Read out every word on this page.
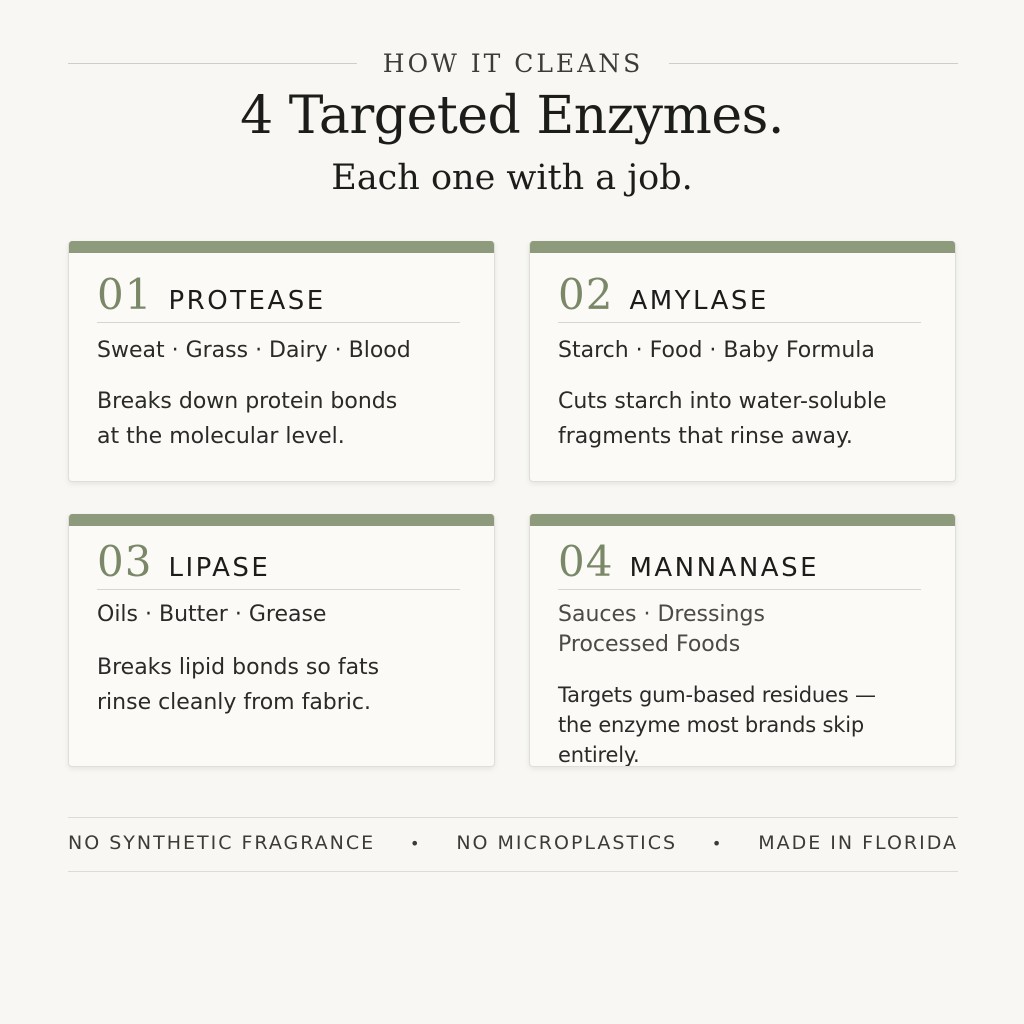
HOW IT CLEANS
4 Targeted Enzymes.
Each one with a job.
01 PROTEASE
Sweat · Grass · Dairy · Blood
Breaks down protein bonds
at the molecular level.
02 AMYLASE
Starch · Food · Baby Formula
Cuts starch into water-soluble
fragments that rinse away.
03 LIPASE
Oils · Butter · Grease
Breaks lipid bonds so fats
rinse cleanly from fabric.
04 MANNANASE
Sauces · Dressings
Processed Foods
Targets gum-based residues —
the enzyme most brands skip entirely.
NO SYNTHETIC FRAGRANCE • NO MICROPLASTICS • MADE IN FLORIDA
